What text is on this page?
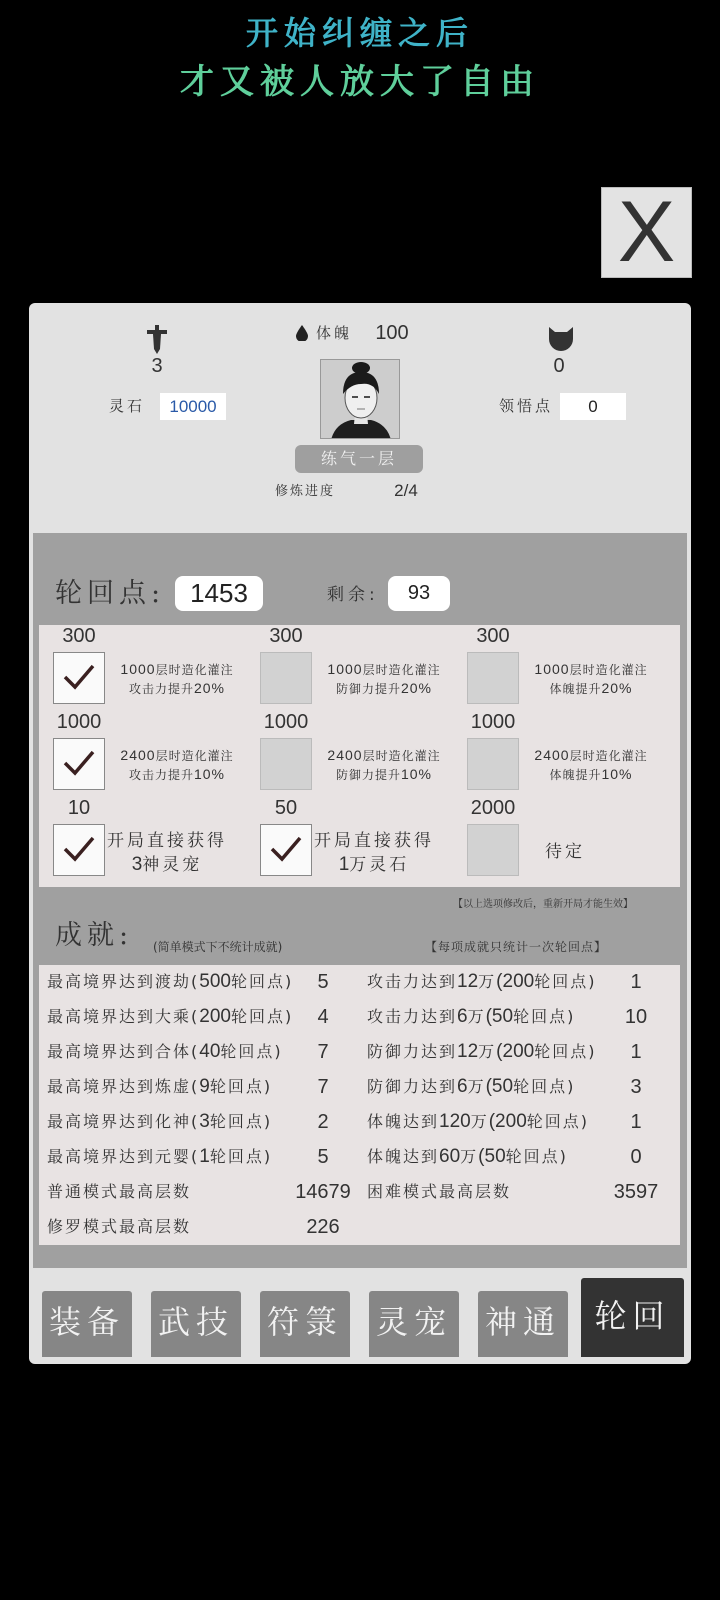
开始纠缠之后
才又被人放大了自由
X
3
体魄	100
0
灵石	10000	领悟点	0
练气一层
修炼进度	2/4
轮回点: 1453	剩余:	93
300
1000层时造化灌注
攻击力提升20%
300
1000层时造化灌注
防御力提升20%
300
1000层时造化灌注
体魄提升20%
1000
2400层时造化灌注
攻击力提升10%
1000
2400层时造化灌注
防御力提升10%
1000
2400层时造化灌注
体魄提升10%
10
开局直接获得
3神灵宠
50
开局直接获得
1万灵石
2000
待定
【以上选项修改后，重新开局才能生效】
成就: (简单模式下不统计成就)	【每项成就只统计一次轮回点】
最高境界达到渡劫(500轮回点)	5	攻击力达到12万(200轮回点)	1
最高境界达到大乘(200轮回点)	4	攻击力达到6万(50轮回点)	10
最高境界达到合体(40轮回点)	7	防御力达到12万(200轮回点)	1
最高境界达到炼虚(9轮回点)	7	防御力达到6万(50轮回点)	3
最高境界达到化神(3轮回点)	2	体魄达到120万(200轮回点)	1
最高境界达到元婴(1轮回点)	5	体魄达到60万(50轮回点)	0
普通模式最高层数	14679	困难模式最高层数	3597
修罗模式最高层数	226
装备 武技 符箓 灵宠 神通	轮回
